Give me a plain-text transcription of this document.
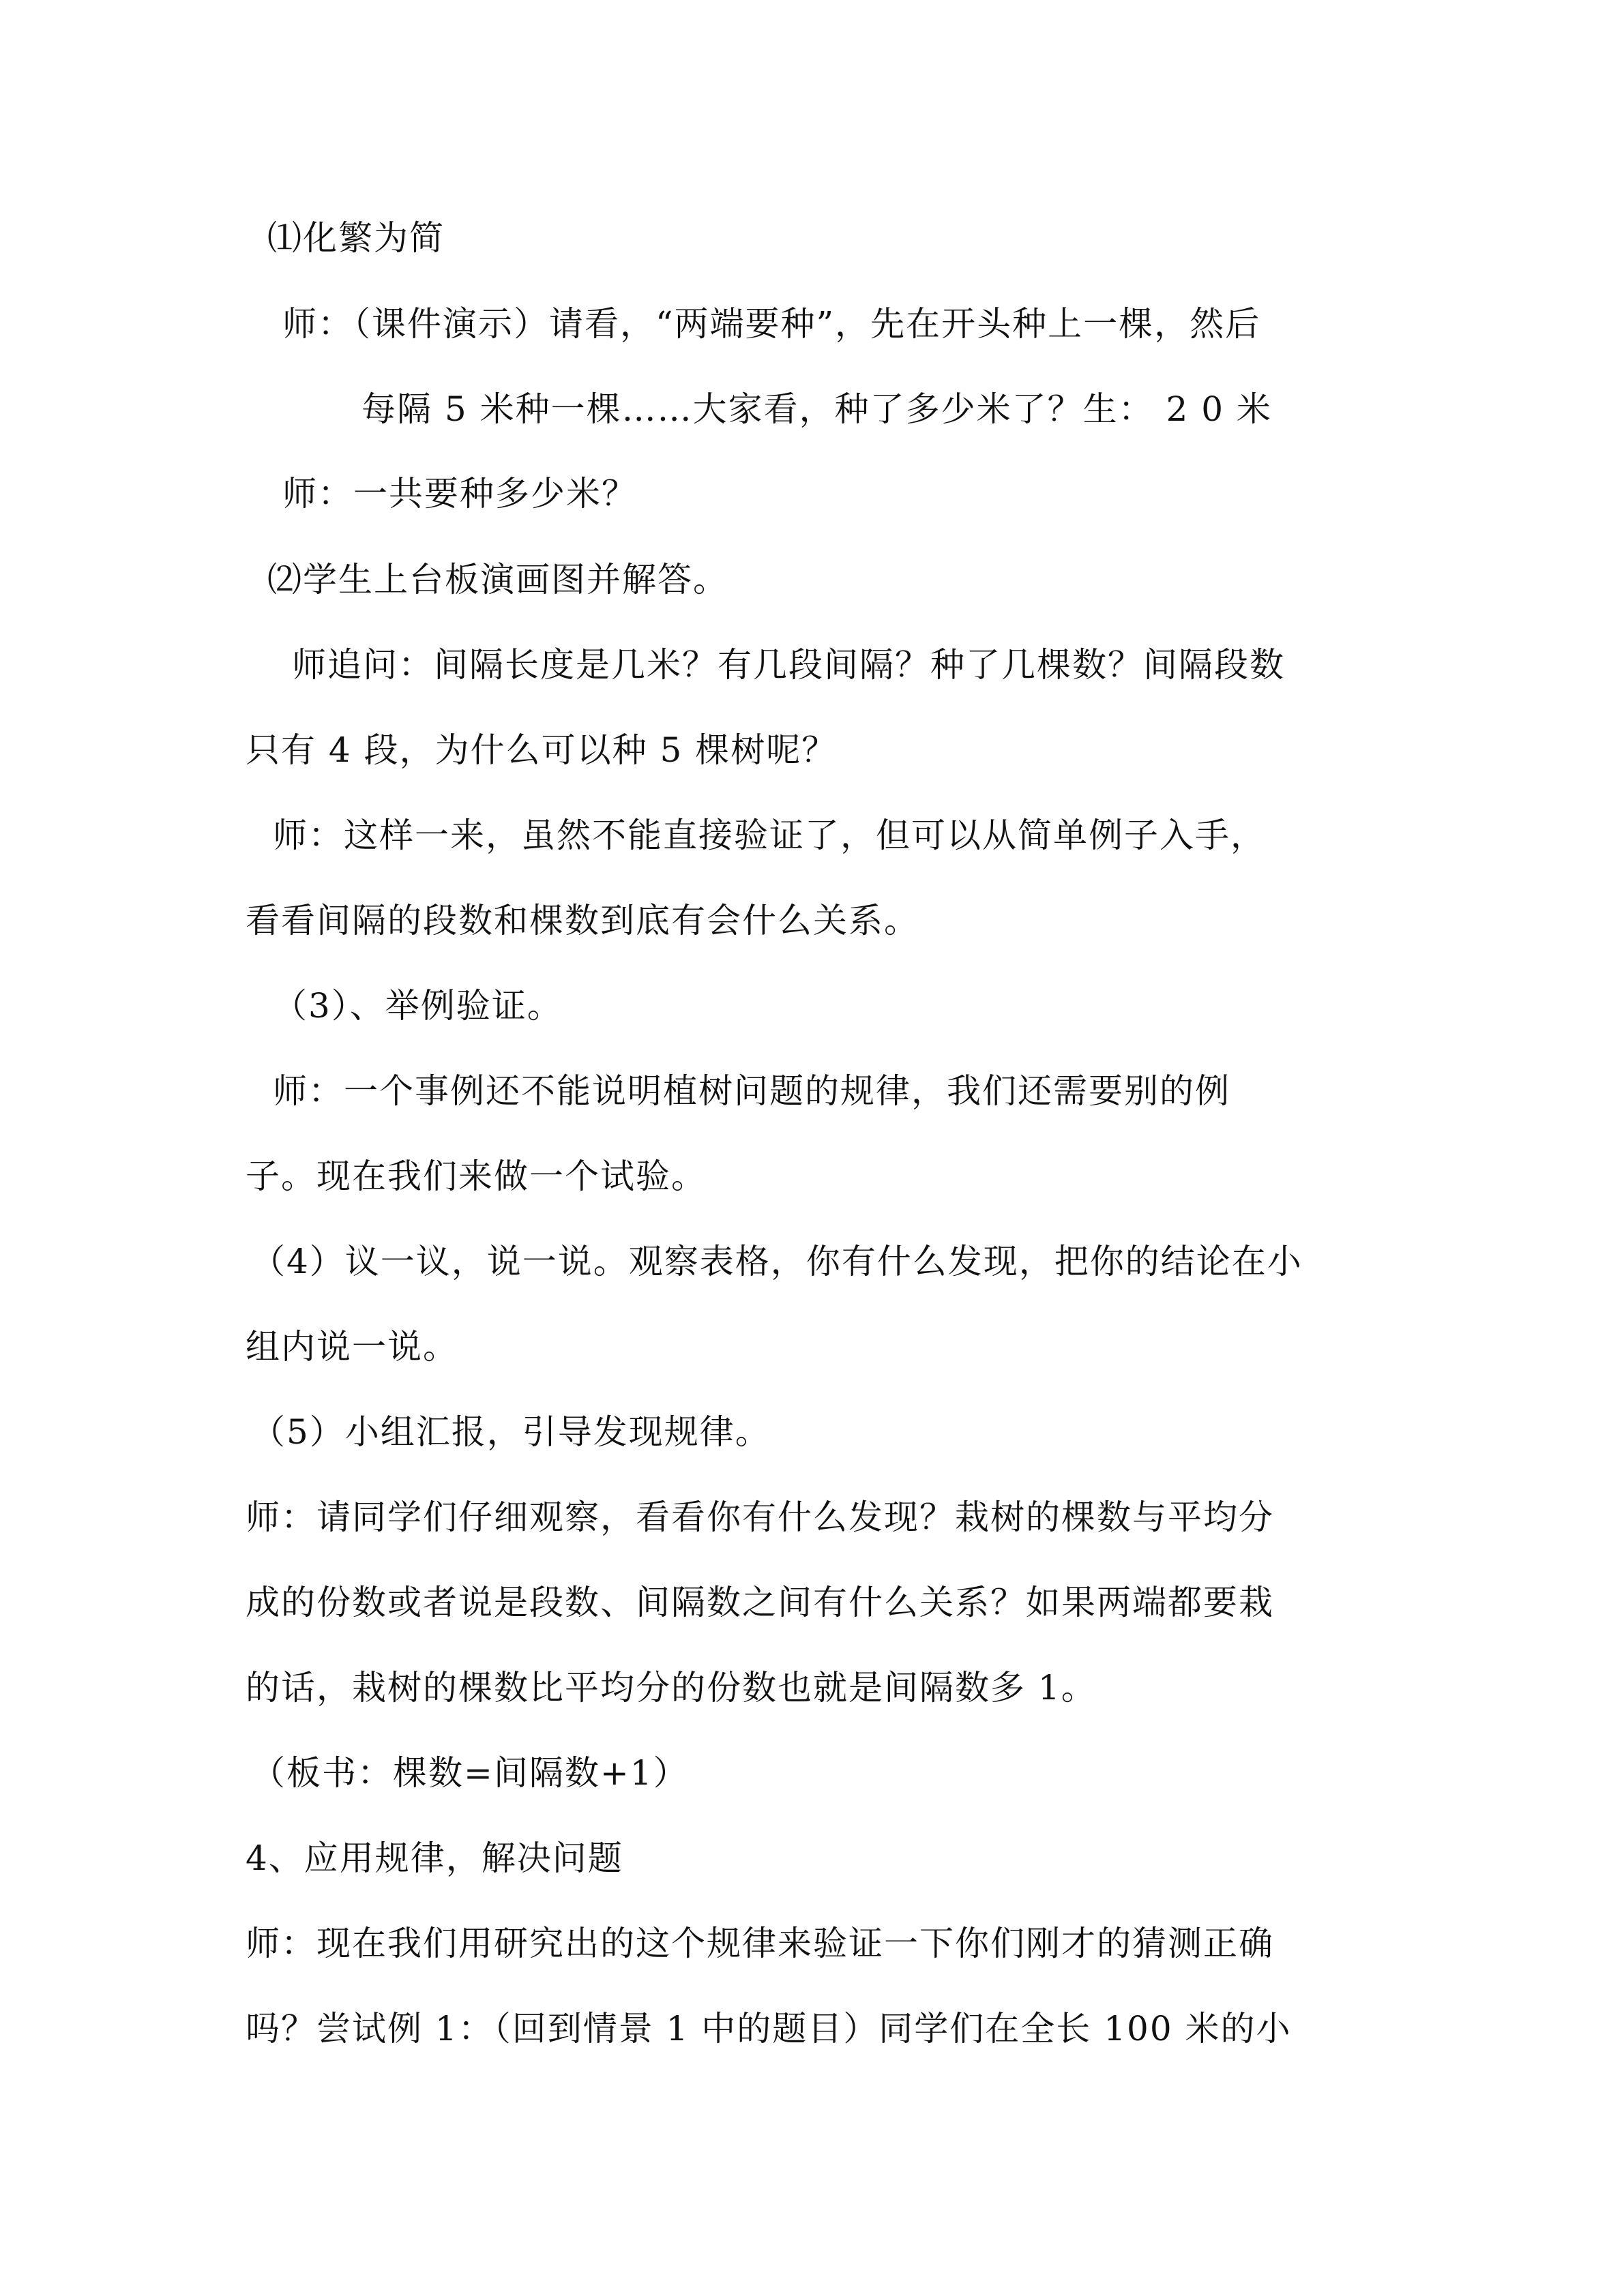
⑴化繁为简
师：（课件演示）请看，“两端要种”，先在开头种上一棵，然后
每隔 5 米种一棵……大家看，种了多少米了？生： 2 0 米
师：一共要种多少米？
⑵学生上台板演画图并解答。
师追问：间隔长度是几米？有几段间隔？种了几棵数？间隔段数
只有 4 段，为什么可以种 5 棵树呢？
师：这样一来，虽然不能直接验证了，但可以从简单例子入手，
看看间隔的段数和棵数到底有会什么关系。
（3）、举例验证。
师：一个事例还不能说明植树问题的规律，我们还需要别的例
子。现在我们来做一个试验。
（4）议一议，说一说。观察表格，你有什么发现，把你的结论在小
组内说一说。
（5）小组汇报，引导发现规律。
师：请同学们仔细观察，看看你有什么发现？栽树的棵数与平均分
成的份数或者说是段数、间隔数之间有什么关系？如果两端都要栽
的话，栽树的棵数比平均分的份数也就是间隔数多 1。
（板书：棵数=间隔数+1）
4、应用规律，解决问题
师：现在我们用研究出的这个规律来验证一下你们刚才的猜测正确
吗？尝试例 1：（回到情景 1 中的题目）同学们在全长 100 米的小
